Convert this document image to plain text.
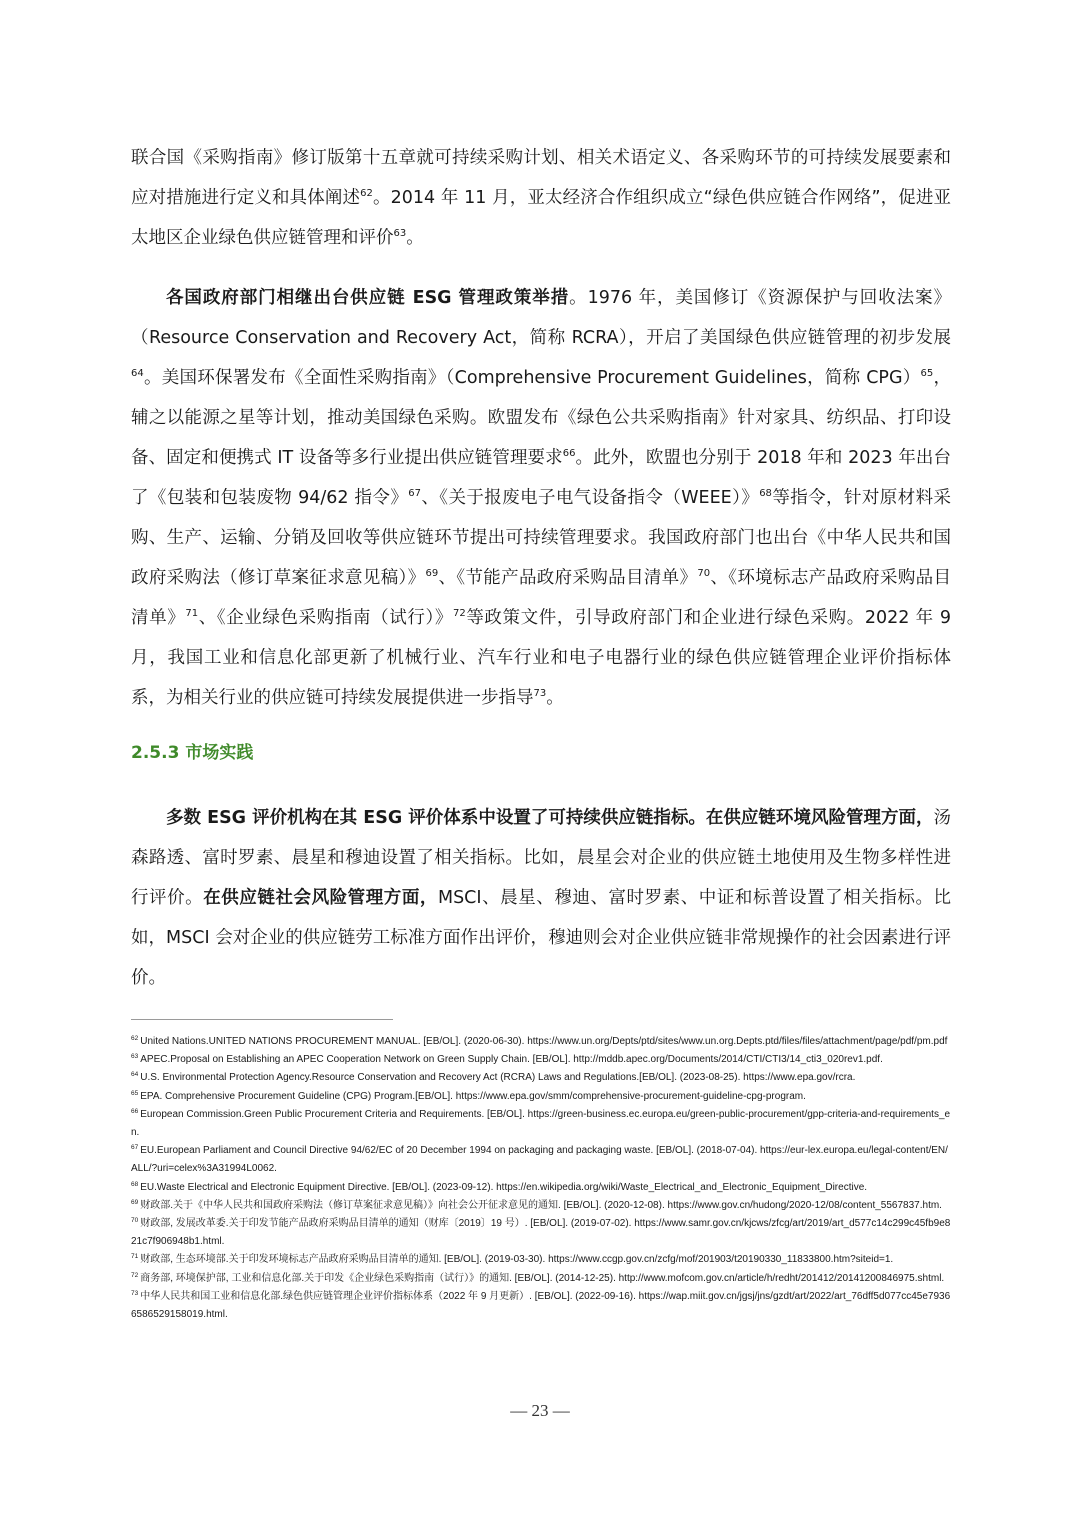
联合国《采购指南》修订版第十五章就可持续采购计划、相关术语定义、各采购环节的可持续发展要素和应对措施进行定义和具体阐述$^{62}$。2014 年 11 月，亚太经济合作组织成立“绿色供应链合作网络”，促进亚太地区企业绿色供应链管理和评价$^{63}$。

各国政府部门相继出台供应链 ESG 管理政策举措。1976 年，美国修订《资源保护与回收法案》（Resource Conservation and Recovery Act，简称 RCRA），开启了美国绿色供应链管理的初步发展$^{64}$。美国环保署发布《全面性采购指南》（Comprehensive Procurement Guidelines，简称 CPG）$^{65}$，辅之以能源之星等计划，推动美国绿色采购。欧盟发布《绿色公共采购指南》针对家具、纺织品、打印设备、固定和便携式 IT 设备等多行业提出供应链管理要求$^{66}$。此外，欧盟也分别于 2018 年和 2023 年出台了《包装和包装废物 94/62 指令》$^{67}$、《关于报废电子电气设备指令（WEEE）》$^{68}$等指令，针对原材料采购、生产、运输、分销及回收等供应链环节提出可持续管理要求。我国政府部门也出台《中华人民共和国政府采购法（修订草案征求意见稿）》$^{69}$、《节能产品政府采购品目清单》$^{70}$、《环境标志产品政府采购品目清单》$^{71}$、《企业绿色采购指南（试行）》$^{72}$等政策文件，引导政府部门和企业进行绿色采购。2022 年 9 月，我国工业和信息化部更新了机械行业、汽车行业和电子电器行业的绿色供应链管理企业评价指标体系，为相关行业的供应链可持续发展提供进一步指导$^{73}$。

2.5.3 市场实践

多数 ESG 评价机构在其 ESG 评价体系中设置了可持续供应链指标。在供应链环境风险管理方面，汤森路透、富时罗素、晨星和穆迪设置了相关指标。比如，晨星会对企业的供应链土地使用及生物多样性进行评价。在供应链社会风险管理方面，MSCI、晨星、穆迪、富时罗素、中证和标普设置了相关指标。比如，MSCI 会对企业的供应链劳工标准方面作出评价，穆迪则会对企业供应链非常规操作的社会因素进行评价。

$^{62}$ United Nations.UNITED NATIONS PROCUREMENT MANUAL. [EB/OL]. (2020-06-30). https://www.un.org/Depts/ptd/sites/www.un.org.Depts.ptd/files/files/attachment/page/pdf/pm.pdf

$^{63}$ APEC.Proposal on Establishing an APEC Cooperation Network on Green Supply Chain. [EB/OL]. http://mddb.apec.org/Documents/2014/CTI/CTI3/14_cti3_020rev1.pdf.

$^{64}$ U.S. Environmental Protection Agency.Resource Conservation and Recovery Act (RCRA) Laws and Regulations.[EB/OL]. (2023-08-25). https://www.epa.gov/rcra.

$^{65}$ EPA. Comprehensive Procurement Guideline (CPG) Program.[EB/OL]. https://www.epa.gov/smm/comprehensive-procurement-guideline-cpg-program.

$^{66}$ European Commission.Green Public Procurement Criteria and Requirements. [EB/OL]. https://green-business.ec.europa.eu/green-public-procurement/gpp-criteria-and-requirements_en.

$^{67}$ EU.European Parliament and Council Directive 94/62/EC of 20 December 1994 on packaging and packaging waste. [EB/OL]. (2018-07-04). https://eur-lex.europa.eu/legal-content/EN/ALL/?uri=celex%3A31994L0062.

$^{68}$ EU.Waste Electrical and Electronic Equipment Directive. [EB/OL]. (2023-09-12). https://en.wikipedia.org/wiki/Waste_Electrical_and_Electronic_Equipment_Directive.

$^{69}$ 财政部.关于《中华人民共和国政府采购法（修订草案征求意见稿）》向社会公开征求意见的通知. [EB/OL]. (2020-12-08). https://www.gov.cn/hudong/2020-12/08/content_5567837.htm.

$^{70}$ 财政部, 发展改革委.关于印发节能产品政府采购品目清单的通知（财库〔2019〕19 号）. [EB/OL]. (2019-07-02). https://www.samr.gov.cn/kjcws/zfcg/art/2019/art_d577c14c299c45fb9e821c7f906948b1.html.

$^{71}$ 财政部, 生态环境部.关于印发环境标志产品政府采购品目清单的通知. [EB/OL]. (2019-03-30). https://www.ccgp.gov.cn/zcfg/mof/201903/t20190330_11833800.htm?siteid=1.

$^{72}$ 商务部, 环境保护部, 工业和信息化部.关于印发《企业绿色采购指南（试行）》的通知. [EB/OL]. (2014-12-25). http://www.mofcom.gov.cn/article/h/redht/201412/20141200846975.shtml.

$^{73}$ 中华人民共和国工业和信息化部.绿色供应链管理企业评价指标体系（2022 年 9 月更新）. [EB/OL]. (2022-09-16). https://wap.miit.gov.cn/jgsj/jns/gzdt/art/2022/art_76dff5d077cc45e79366586529158019.html.

— 23 —
